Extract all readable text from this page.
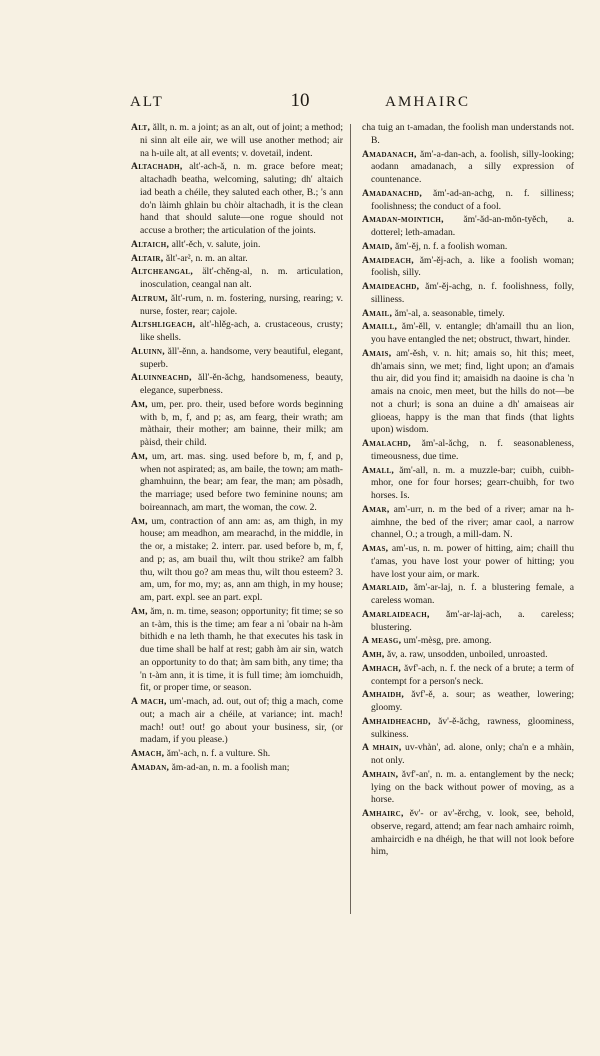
ALT	10	AMHAIRC
Alt, ăllt, n. m. a joint; as an alt, out of joint; a method; ni sinn alt eile air, we will use another method; air na h-uile alt, at all events; v. dovetail, indent.
Altachadh, alt'-ach-ă, n. m. grace before meat; altachadh beatha, welcoming, saluting; dh' altaich iad beath a chéile, they saluted each other, B.; 's ann do'n làimh ghlain bu chòir altachadh, it is the clean hand that should salute—one rogue should not accuse a brother; the articulation of the joints.
Altaich, allt'-ěch, v. salute, join.
Altair, ălt'-ar², n. m. an altar.
Altcheangal, ält'-chěng-al, n. m. articulation, inosculation, ceangal nan alt.
Altrum, ălt'-rum, n. m. fostering, nursing, rearing; v. nurse, foster, rear; cajole.
Altshligeach, alt'-hlěg-ach, a. crustaceous, crusty; like shells.
Aluinn, ăll'-ěnn, a. handsome, very beautiful, elegant, superb.
Aluinneachd, ăll'-ěn-ăchg, handsomeness, beauty, elegance, superbness.
Am, um, per. pro. their, used before words beginning with b, m, f, and p; as, am fearg, their wrath; am màthair, their mother; am bainne, their milk; am pàisd, their child.
Am, um, art. mas. sing. used before b, m, f, and p, when not aspirated; as, am baile, the town; am math-ghamhuinn, the bear; am fear, the man; am pòsadh, the marriage; used before two feminine nouns; am boireannach, am mart, the woman, the cow. 2.
Am, um, contraction of ann am: as, am thigh, in my house; am meadhon, am mearachd, in the middle, in the or, a mistake; 2. interr. par. used before b, m, f, and p; as, am buail thu, wilt thou strike? am falbh thu, wilt thou go? am meas thu, wilt thou esteem? 3. am, um, for mo, my; as, ann am thigh, in my house; am, part. expl. see an part. expl.
Am, ăm, n. m. time, season; opportunity; fit time; se so an t-àm, this is the time; am fear a ni 'obair na h-àm bithidh e na leth thamh, he that executes his task in due time shall be half at rest; gabh àm air sin, watch an opportunity to do that; àm sam bith, any time; tha 'n t-àm ann, it is time, it is full time; àm iomchuidh, fit, or proper time, or season.
A mach, um'-mach, ad. out, out of; thig a mach, come out; a mach air a chéile, at variance; int. mach! mach! out! out! go about your business, sir, (or madam, if you please.)
Amach, ăm'-ach, n. f. a vulture. Sh.
Amadan, ăm-ad-an, n. m. a foolish man;
cha tuig an t-amadan, the foolish man understands not. B.
Amadanach, ăm'-a-dan-ach, a. foolish, silly-looking; aodann amadanach, a silly expression of countenance.
Amadanachd, ăm'-ad-an-achg, n. f. silliness; foolishness; the conduct of a fool.
Amadan-mointich, ăm'-ăd-an-mŏn-tyěch, a. dotterel; leth-amadan.
Amaid, ăm'-ěj, n. f. a foolish woman.
Amaideach, ăm'-ěj-ach, a. like a foolish woman; foolish, silly.
Amaideachd, ăm'-ěj-achg, n. f. foolishness, folly, silliness.
Amail, ăm'-al, a. seasonable, timely.
Amaill, ăm'-ěll, v. entangle; dh'amaill thu an lion, you have entangled the net; obstruct, thwart, hinder.
Amais, am'-ěsh, v. n. hit; amais so, hit this; meet, dh'amais sinn, we met; find, light upon; an d'amais thu air, did you find it; amaisidh na daoine is cha 'n amais na cnoic, men meet, but the hills do not—be not a churl; is sona an duine a dh' amaiseas air glioeas, happy is the man that finds (that lights upon) wisdom.
Amalachd, ăm'-al-ăchg, n. f. seasonableness, timeousness, due time.
Amall, ăm'-all, n. m. a muzzle-bar; cuibh, cuibh-mhor, one for four horses; gearr-chuibh, for two horses. Is.
Amar, am'-urr, n. m the bed of a river; amar na h-aimhne, the bed of the river; amar caol, a narrow channel, O.; a trough, a mill-dam. N.
Amas, am'-us, n. m. power of hitting, aim; chaill thu t'amas, you have lost your power of hitting; you have lost your aim, or mark.
Amarlaid, ăm'-ar-laj, n. f. a blustering female, a careless woman.
Amarlaideach, ăm'-ar-laj-ach, a. careless; blustering.
A measg, um'-mèsg, pre. among.
Amh, ăv, a. raw, unsodden, unboiled, unroasted.
Amhach, ăvf'-ach, n. f. the neck of a brute; a term of contempt for a person's neck.
Amhaidh, ăvf'-ě, a. sour; as weather, lowering; gloomy.
Amhaidheachd, ăv'-ě-ăchg, rawness, gloominess, sulkiness.
A mhain, uv-vhàn', ad. alone, only; cha'n e a mhàin, not only.
Amhain, ăvf'-an', n. m. a. entanglement by the neck; lying on the back without power of moving, as a horse.
Amhairc, ěv'- or av'-ěrchg, v. look, see, behold, observe, regard, attend; am fear nach amhairc roimh, amhaircidh e na dhéigh, he that will not look before him,
